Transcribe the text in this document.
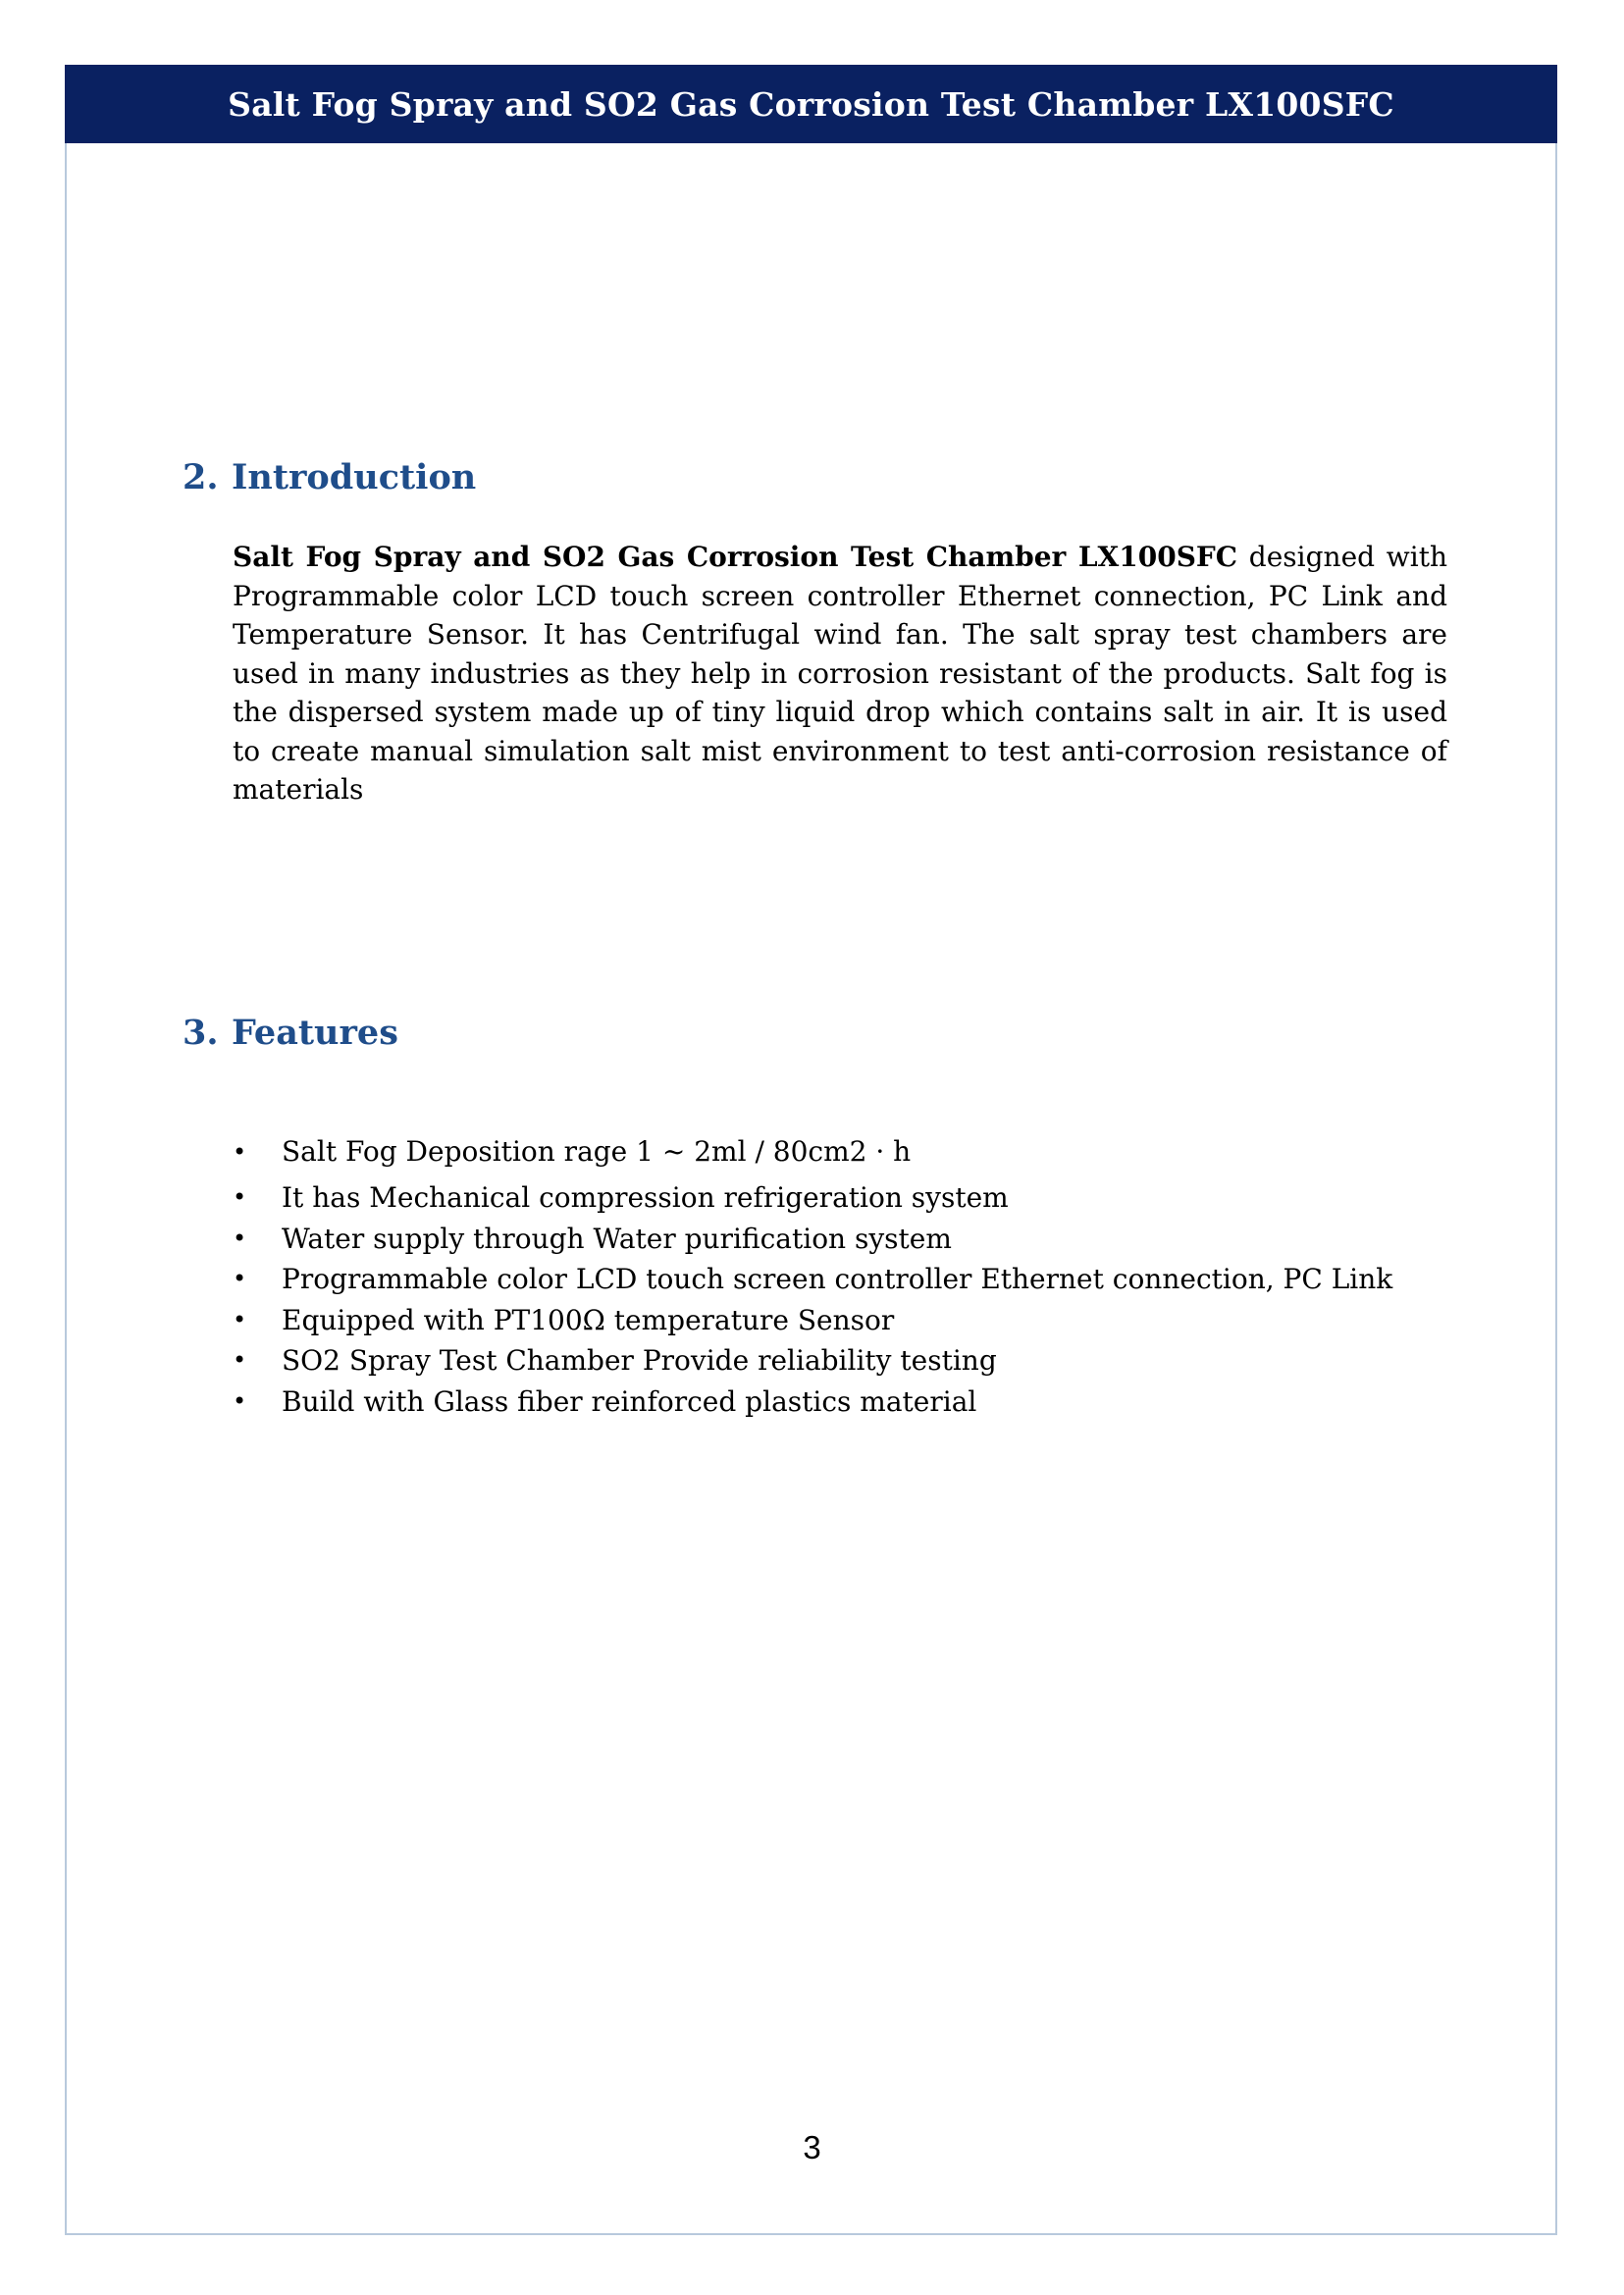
Salt Fog Spray and SO2 Gas Corrosion Test Chamber LX100SFC
2. Introduction

Salt Fog Spray and SO2 Gas Corrosion Test Chamber LX100SFC designed with Programmable color LCD touch screen controller Ethernet connection, PC Link and Temperature Sensor. It has Centrifugal wind fan. The salt spray test chambers are used in many industries as they help in corrosion resistant of the products. Salt fog is the dispersed system made up of tiny liquid drop which contains salt in air. It is used to create manual simulation salt mist environment to test anti-corrosion resistance of materials

3. Features
• Salt Fog Deposition rage 1 ~ 2ml / 80cm2 · h
• It has Mechanical compression refrigeration system
• Water supply through Water purification system
• Programmable color LCD touch screen controller Ethernet connection, PC Link
• Equipped with PT100Ω temperature Sensor
• SO2 Spray Test Chamber Provide reliability testing
• Build with Glass fiber reinforced plastics material
3
